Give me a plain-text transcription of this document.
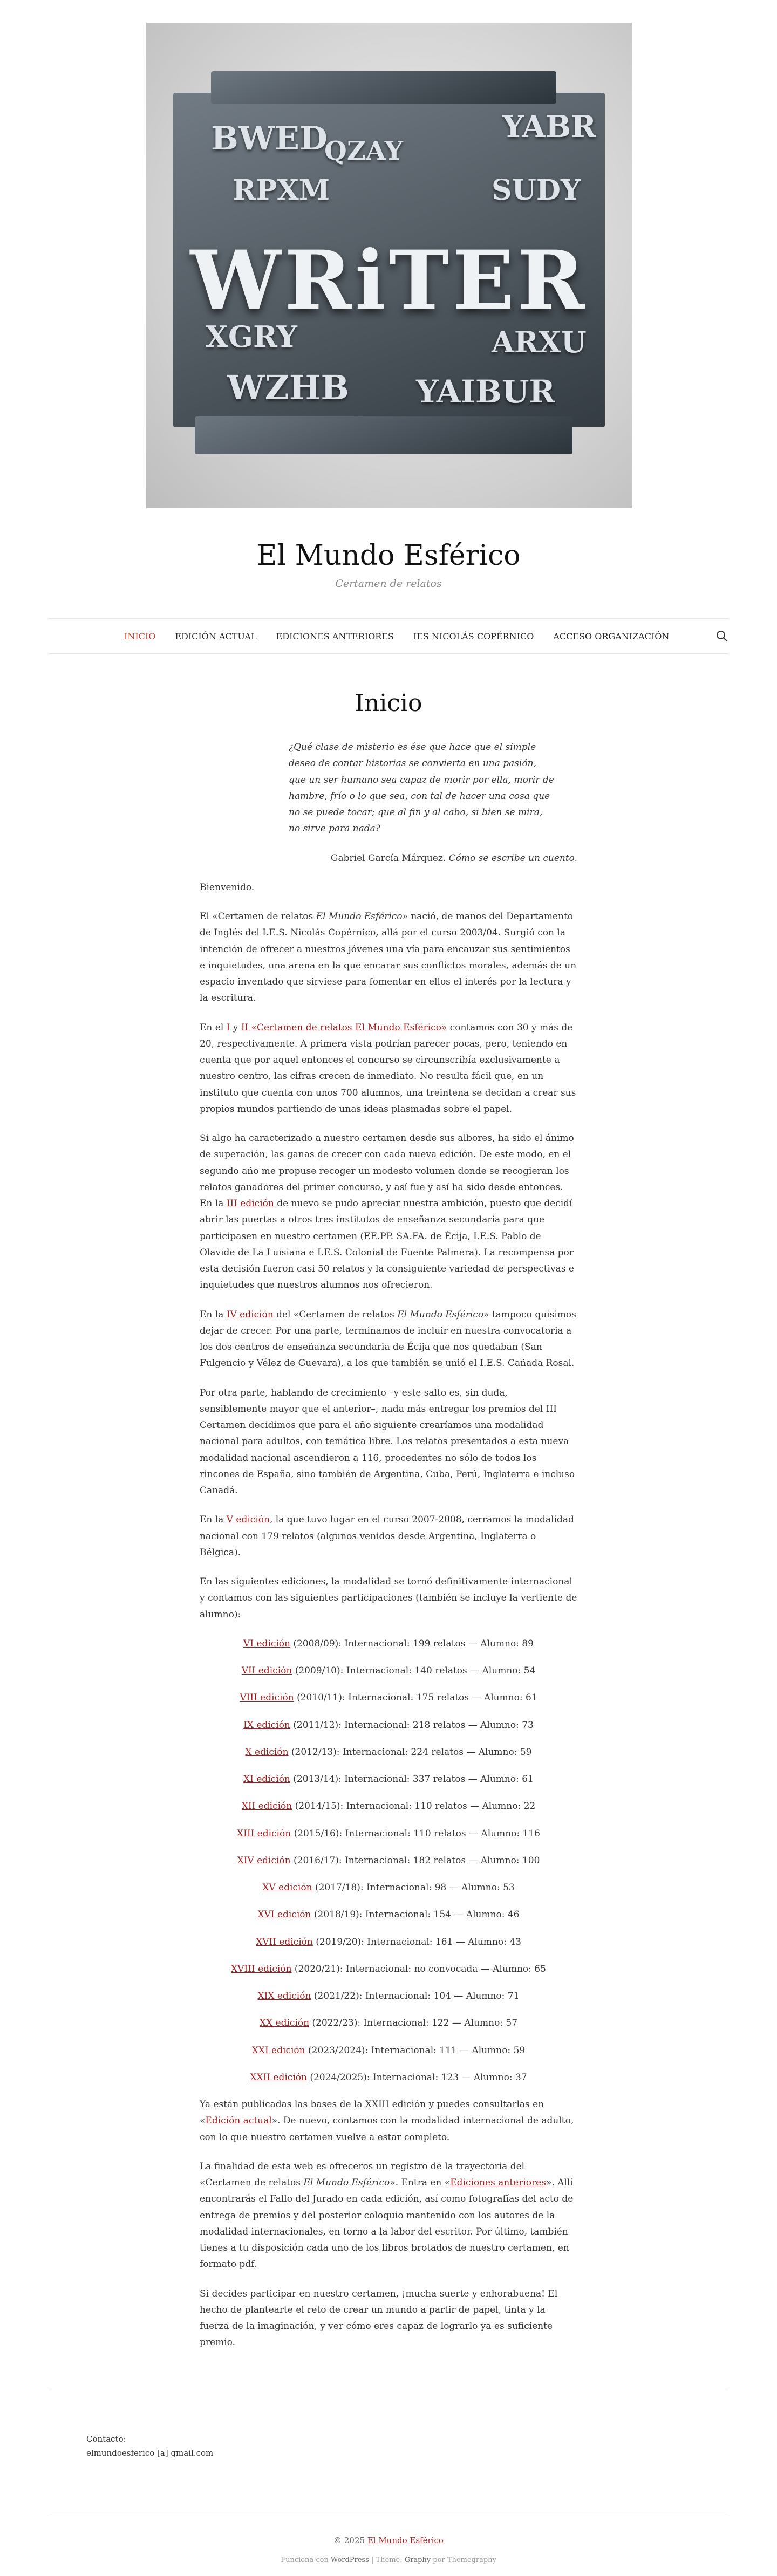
BWED	YABR
RPXM	SUDY
XGRY	ARXU
WZHB YAIBUR
QZAY
WRiTER
El Mundo Esférico
Certamen de relatos
INICIO EDICIÓN ACTUAL EDICIONES ANTERIORES IES NICOLÁS COPÉRNICO ACCESO ORGANIZACIÓN
Inicio

¿Qué clase de misterio es ése que hace que el simple deseo de contar historias se convierta en una pasión, que un ser humano sea capaz de morir por ella, morir de hambre, frío o lo que sea, con tal de hacer una cosa que no se puede tocar; que al fin y al cabo, si bien se mira, no sirve para nada?

Gabriel García Márquez. Cómo se escribe un cuento.

Bienvenido.

El «Certamen de relatos El Mundo Esférico» nació, de manos del Departamento de Inglés del I.E.S. Nicolás Copérnico, allá por el curso 2003/04. Surgió con la intención de ofrecer a nuestros jóvenes una vía para encauzar sus sentimientos e inquietudes, una arena en la que encarar sus conflictos morales, además de un espacio inventado que sirviese para fomentar en ellos el interés por la lectura y la escritura.

En el I y II «Certamen de relatos El Mundo Esférico» contamos con 30 y más de 20, respectivamente. A primera vista podrían parecer pocas, pero, teniendo en cuenta que por aquel entonces el concurso se circunscribía exclusivamente a nuestro centro, las cifras crecen de inmediato. No resulta fácil que, en un instituto que cuenta con unos 700 alumnos, una treintena se decidan a crear sus propios mundos partiendo de unas ideas plasmadas sobre el papel.

Si algo ha caracterizado a nuestro certamen desde sus albores, ha sido el ánimo de superación, las ganas de crecer con cada nueva edición. De este modo, en el segundo año me propuse recoger un modesto volumen donde se recogieran los relatos ganadores del primer concurso, y así fue y así ha sido desde entonces. En la III edición de nuevo se pudo apreciar nuestra ambición, puesto que decidí abrir las puertas a otros tres institutos de enseñanza secundaria para que participasen en nuestro certamen (EE.PP. SA.FA. de Écija, I.E.S. Pablo de Olavide de La Luisiana e I.E.S. Colonial de Fuente Palmera). La recompensa por esta decisión fueron casi 50 relatos y la consiguiente variedad de perspectivas e inquietudes que nuestros alumnos nos ofrecieron.

En la IV edición del «Certamen de relatos El Mundo Esférico» tampoco quisimos dejar de crecer. Por una parte, terminamos de incluir en nuestra convocatoria a los dos centros de enseñanza secundaria de Écija que nos quedaban (San Fulgencio y Vélez de Guevara), a los que también se unió el I.E.S. Cañada Rosal.

Por otra parte, hablando de crecimiento –y este salto es, sin duda, sensiblemente mayor que el anterior–, nada más entregar los premios del III Certamen decidimos que para el año siguiente crearíamos una modalidad nacional para adultos, con temática libre. Los relatos presentados a esta nueva modalidad nacional ascendieron a 116, procedentes no sólo de todos los rincones de España, sino también de Argentina, Cuba, Perú, Inglaterra e incluso Canadá.

En la V edición, la que tuvo lugar en el curso 2007-2008, cerramos la modalidad nacional con 179 relatos (algunos venidos desde Argentina, Inglaterra o Bélgica).

En las siguientes ediciones, la modalidad se tornó definitivamente internacional y contamos con las siguientes participaciones (también se incluye la vertiente de alumno):

VI edición (2008/09): Internacional: 199 relatos — Alumno: 89

VII edición (2009/10): Internacional: 140 relatos — Alumno: 54

VIII edición (2010/11): Internacional: 175 relatos — Alumno: 61

IX edición (2011/12): Internacional: 218 relatos — Alumno: 73

X edición (2012/13): Internacional: 224 relatos — Alumno: 59

XI edición (2013/14): Internacional: 337 relatos — Alumno: 61

XII edición (2014/15): Internacional: 110 relatos — Alumno: 22

XIII edición (2015/16): Internacional: 110 relatos — Alumno: 116

XIV edición (2016/17): Internacional: 182 relatos — Alumno: 100

XV edición (2017/18): Internacional: 98 — Alumno: 53

XVI edición (2018/19): Internacional: 154 — Alumno: 46

XVII edición (2019/20): Internacional: 161 — Alumno: 43

XVIII edición (2020/21): Internacional: no convocada — Alumno: 65

XIX edición (2021/22): Internacional: 104 — Alumno: 71

XX edición (2022/23): Internacional: 122 — Alumno: 57

XXI edición (2023/2024): Internacional: 111 — Alumno: 59

XXII edición (2024/2025): Internacional: 123 — Alumno: 37

Ya están publicadas las bases de la XXIII edición y puedes consultarlas en «Edición actual». De nuevo, contamos con la modalidad internacional de adulto, con lo que nuestro certamen vuelve a estar completo.

La finalidad de esta web es ofreceros un registro de la trayectoria del «Certamen de relatos El Mundo Esférico». Entra en «Ediciones anteriores». Allí encontrarás el Fallo del Jurado en cada edición, así como fotografías del acto de entrega de premios y del posterior coloquio mantenido con los autores de la modalidad internacionales, en torno a la labor del escritor. Por último, también tienes a tu disposición cada uno de los libros brotados de nuestro certamen, en formato pdf.

Si decides participar en nuestro certamen, ¡mucha suerte y enhorabuena! El hecho de plantearte el reto de crear un mundo a partir de papel, tinta y la fuerza de la imaginación, y ver cómo eres capaz de lograrlo ya es suficiente premio.

Contacto:
elmundoesferico [a] gmail.com
© 2025 El Mundo Esférico
Funciona con WordPress | Theme: Graphy por Themegraphy
